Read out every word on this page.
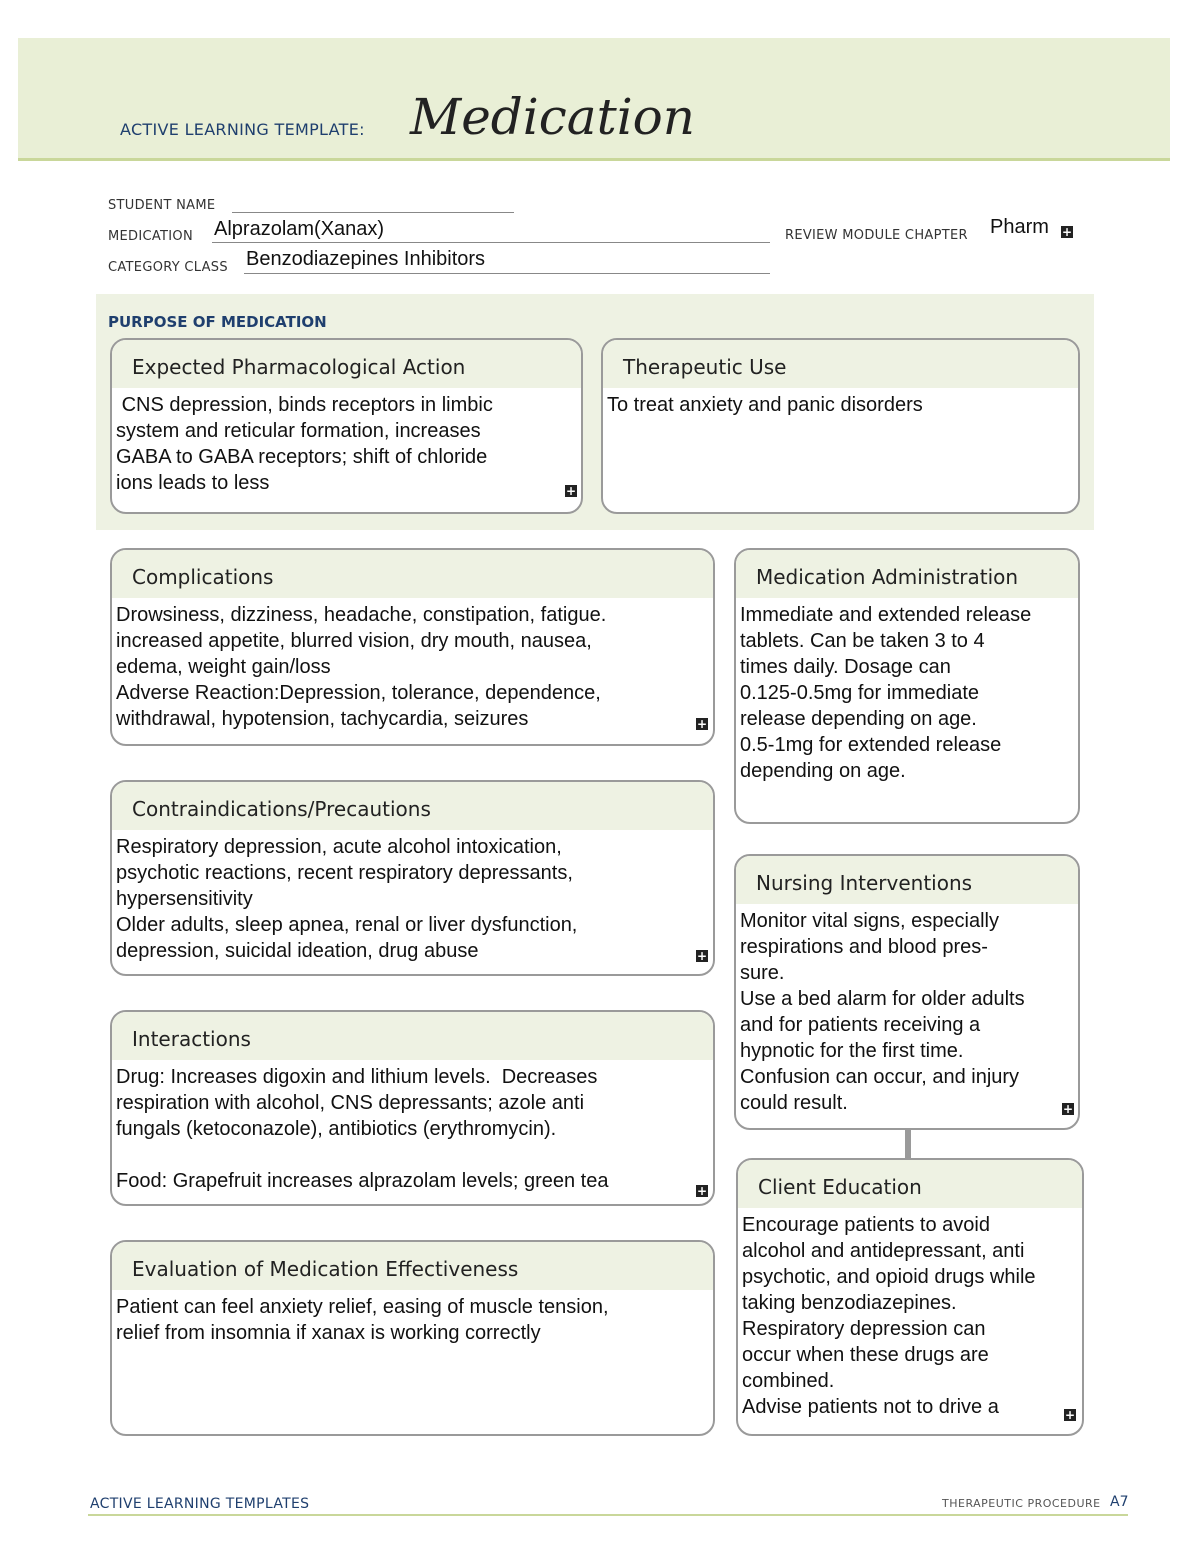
ACTIVE LEARNING TEMPLATE: Medication
STUDENT NAME
MEDICATION Alprazolam(Xanax)	REVIEW MODULE CHAPTER Pharm +
CATEGORY CLASS Benzodiazepines Inhibitors
PURPOSE OF MEDICATION
Expected Pharmacological Action
CNS depression, binds receptors in limbic
system and reticular formation, increases
GABA to GABA receptors; shift of chloride
ions leads to less	+
Therapeutic Use
To treat anxiety and panic disorders
Complications
Drowsiness, dizziness, headache, constipation, fatigue.
increased appetite, blurred vision, dry mouth, nausea,
edema, weight gain/loss
Adverse Reaction:Depression, tolerance, dependence,
withdrawal, hypotension, tachycardia, seizures	+
Contraindications/Precautions
Respiratory depression, acute alcohol intoxication,
psychotic reactions, recent respiratory depressants,
hypersensitivity
Older adults, sleep apnea, renal or liver dysfunction,
depression, suicidal ideation, drug abuse	+
Interactions
Drug: Increases digoxin and lithium levels.  Decreases
respiration with alcohol, CNS depressants; azole anti
fungals (ketoconazole), antibiotics (erythromycin).

Food: Grapefruit increases alprazolam levels; green tea	+
Evaluation of Medication Effectiveness
Patient can feel anxiety relief, easing of muscle tension,
relief from insomnia if xanax is working correctly
Medication Administration
Immediate and extended release
tablets. Can be taken 3 to 4
times daily. Dosage can
0.125-0.5mg for immediate
release depending on age.
0.5-1mg for extended release
depending on age.
Nursing Interventions
Monitor vital signs, especially
respirations and blood pres-
sure.
Use a bed alarm for older adults
and for patients receiving a
hypnotic for the first time.
Confusion can occur, and injury
could result.	+
Client Education
Encourage patients to avoid
alcohol and antidepressant, anti
psychotic, and opioid drugs while
taking benzodiazepines.
Respiratory depression can
occur when these drugs are
combined.
Advise patients not to drive a	+
ACTIVE LEARNING TEMPLATES	THERAPEUTIC PROCEDURE A7
